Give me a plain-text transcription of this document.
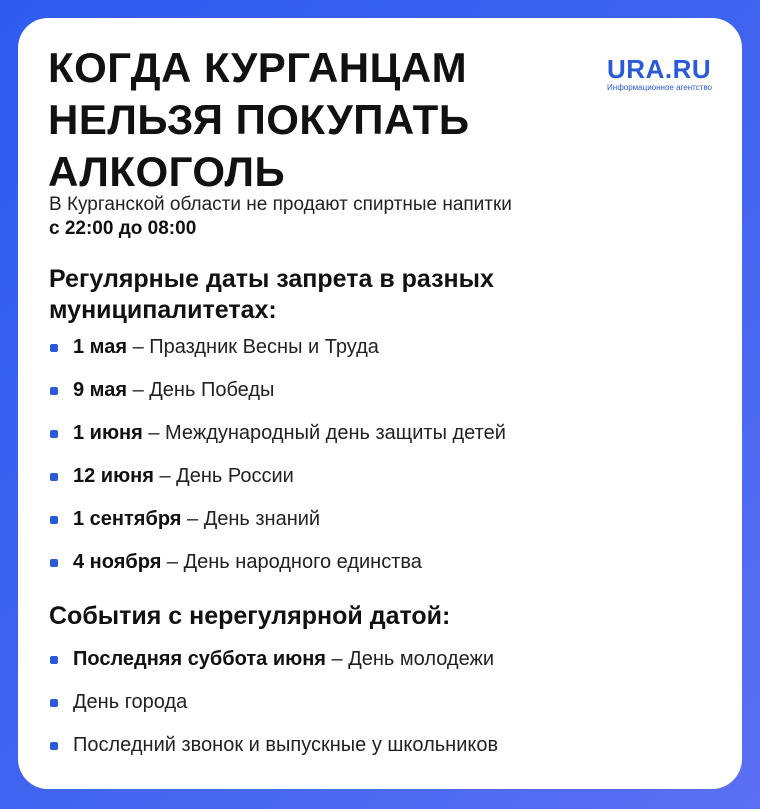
КОГДА КУРГАНЦАМ НЕЛЬЗЯ ПОКУПАТЬ АЛКОГОЛЬ
URA.RU
Информационное агентство
В Курганской области не продают спиртные напитки
с 22:00 до 08:00
Регулярные даты запрета в разных муниципалитетах:
1 мая – Праздник Весны и Труда
9 мая – День Победы
1 июня – Международный день защиты детей
12 июня – День России
1 сентября – День знаний
4 ноября – День народного единства
События с нерегулярной датой:
Последняя суббота июня – День молодежи
День города
Последний звонок и выпускные у школьников
